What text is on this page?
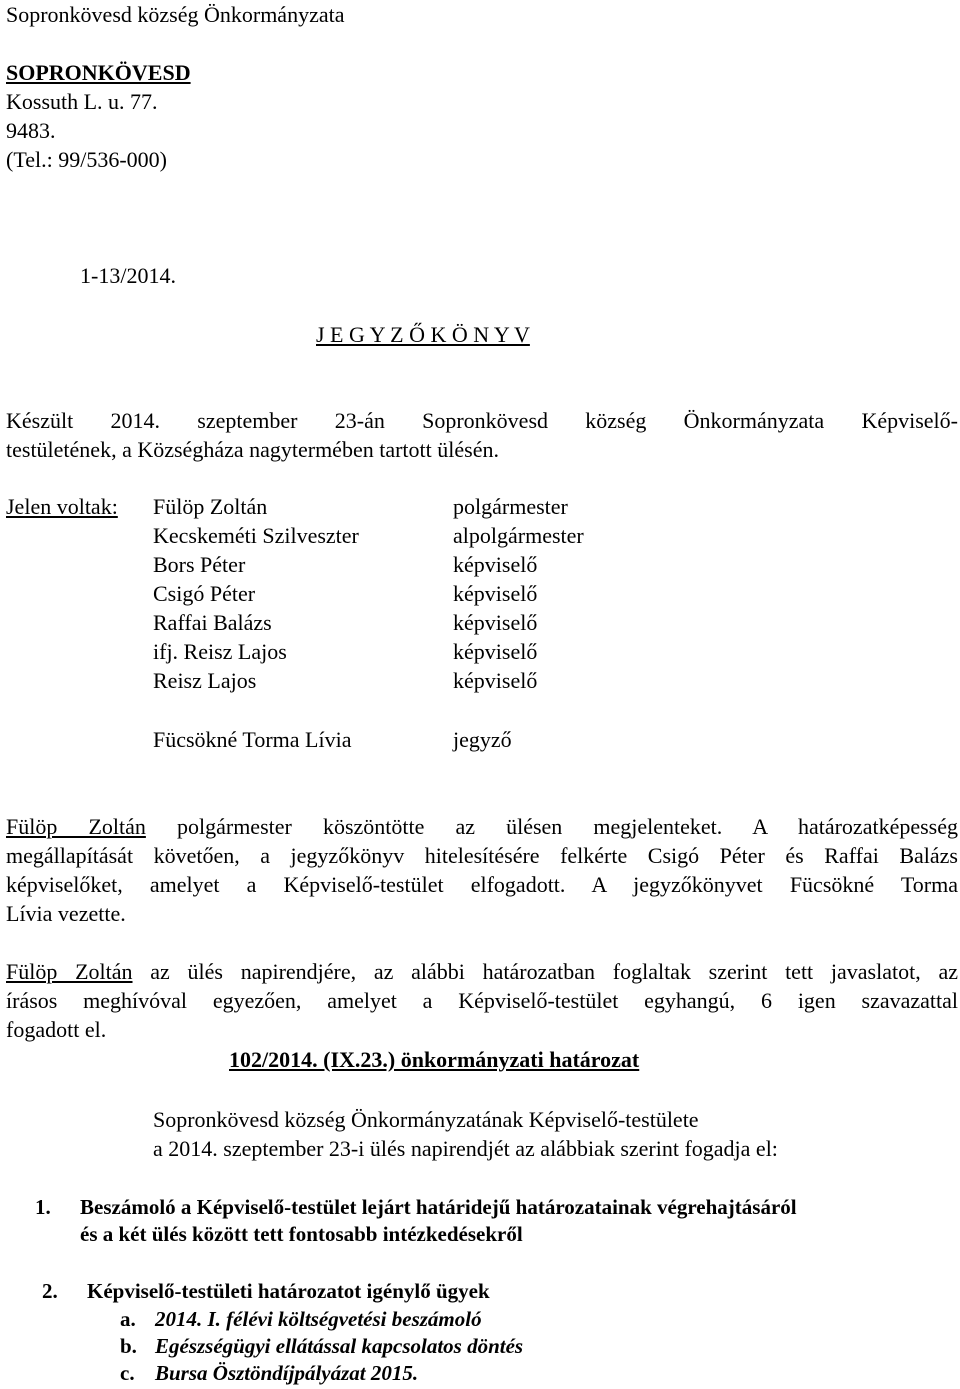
Sopronkövesd község Önkormányzata
SOPRONKÖVESD
Kossuth L. u. 77.
9483.
(Tel.: 99/536-000)
1-13/2014.
J E G Y Z Ő K Ö N Y V
Készült 2014. szeptember 23-án Sopronkövesd község Önkormányzata Képviselő-
testületének, a Községháza nagytermében tartott ülésén.
Jelen voltak: Fülöp Zoltán	polgármester
Kecskeméti Szilveszter	alpolgármester
Bors Péter	képviselő
Csigó Péter	képviselő
Raffai Balázs	képviselő
ifj. Reisz Lajos	képviselő
Reisz Lajos	képviselő
Fücsökné Torma Lívia	jegyző
Fülöp Zoltán polgármester köszöntötte az ülésen megjelenteket. A határozatképesség
megállapítását követően, a jegyzőkönyv hitelesítésére felkérte Csigó Péter és Raffai Balázs
képviselőket, amelyet a Képviselő-testület elfogadott. A jegyzőkönyvet Fücsökné Torma
Lívia vezette.
Fülöp Zoltán az ülés napirendjére, az alábbi határozatban foglaltak szerint tett javaslatot, az
írásos meghívóval egyezően, amelyet a Képviselő-testület egyhangú, 6 igen szavazattal
fogadott el.
102/2014. (IX.23.) önkormányzati határozat
Sopronkövesd község Önkormányzatának Képviselő-testülete
a 2014. szeptember 23-i ülés napirendjét az alábbiak szerint fogadja el:
1. Beszámoló a Képviselő-testület lejárt határidejű határozatainak végrehajtásáról
és a két ülés között tett fontosabb intézkedésekről
2. Képviselő-testületi határozatot igénylő ügyek
a. 2014. I. félévi költségvetési beszámoló
b. Egészségügyi ellátással kapcsolatos döntés
c. Bursa Ösztöndíjpályázat 2015.
